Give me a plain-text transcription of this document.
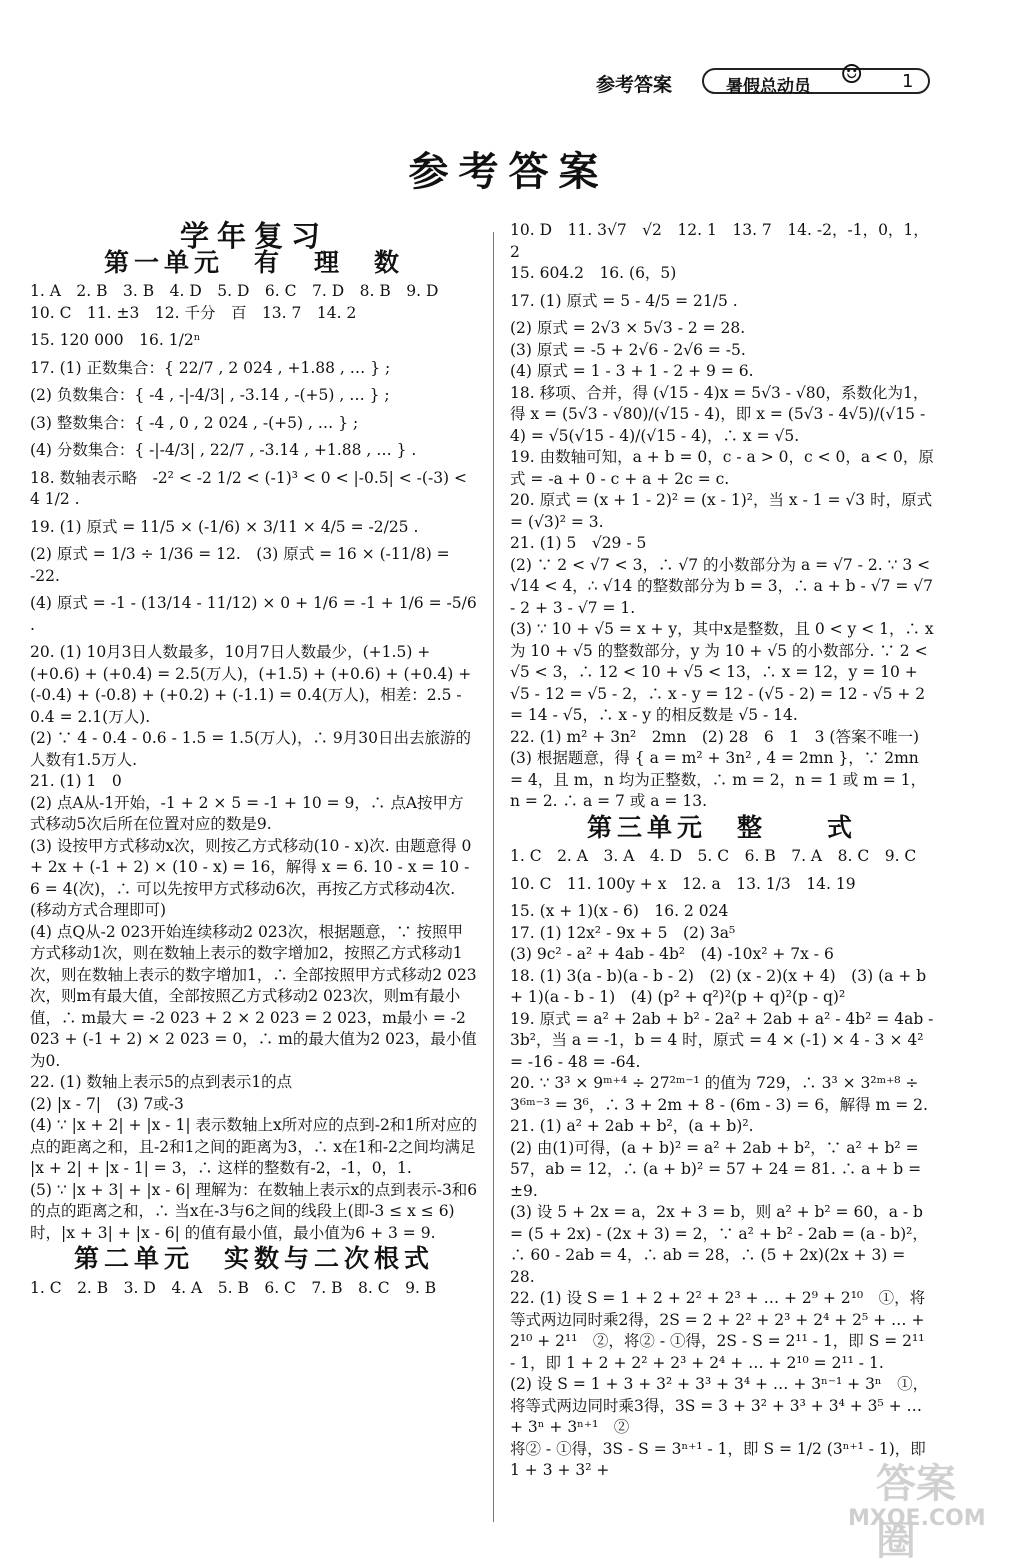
参考答案	暑假总动员 ☺ 1
参考答案
学年复习
第一单元　有　理　数

1. A　2. B　3. B　4. D　5. D　6. C　7. D　8. B　9. D

10. C　11. ±3　12. 千分　百　13. 7　14. 2

15. 120 000　16. 1/2ⁿ

17. (1) 正数集合：{ 22/7 , 2 024 , +1.88 , … } ;

(2) 负数集合：{ -4 , -|-4/3| , -3.14 , -(+5) , … } ;

(3) 整数集合：{ -4 , 0 , 2 024 , -(+5) , … } ;

(4) 分数集合：{ -|-4/3| , 22/7 , -3.14 , +1.88 , … } .

18. 数轴表示略　-2² < -2 1/2 < (-1)³ < 0 < |-0.5| < -(-3) < 4 1/2 .

19. (1) 原式 = 11/5 × (-1/6) × 3/11 × 4/5 = -2/25 .

(2) 原式 = 1/3 ÷ 1/36 = 12.　(3) 原式 = 16 × (-11/8) = -22.

(4) 原式 = -1 - (13/14 - 11/12) × 0 + 1/6 = -1 + 1/6 = -5/6 .

20. (1) 10月3日人数最多，10月7日人数最少，(+1.5) + (+0.6) + (+0.4) = 2.5(万人)，(+1.5) + (+0.6) + (+0.4) + (-0.4) + (-0.8) + (+0.2) + (-1.1) = 0.4(万人)，相差：2.5 - 0.4 = 2.1(万人).

(2) ∵ 4 - 0.4 - 0.6 - 1.5 = 1.5(万人)，∴ 9月30日出去旅游的人数有1.5万人.

21. (1) 1　0

(2) 点A从-1开始，-1 + 2 × 5 = -1 + 10 = 9，∴ 点A按甲方式移动5次后所在位置对应的数是9.

(3) 设按甲方式移动x次，则按乙方式移动(10 - x)次. 由题意得 0 + 2x + (-1 + 2) × (10 - x) = 16，解得 x = 6. 10 - x = 10 - 6 = 4(次)，∴ 可以先按甲方式移动6次，再按乙方式移动4次. (移动方式合理即可)

(4) 点Q从-2 023开始连续移动2 023次，根据题意，∵ 按照甲方式移动1次，则在数轴上表示的数字增加2，按照乙方式移动1次，则在数轴上表示的数字增加1，∴ 全部按照甲方式移动2 023次，则m有最大值，全部按照乙方式移动2 023次，则m有最小值，∴ m最大 = -2 023 + 2 × 2 023 = 2 023，m最小 = -2 023 + (-1 + 2) × 2 023 = 0，∴ m的最大值为2 023，最小值为0.

22. (1) 数轴上表示5的点到表示1的点

(2) |x - 7|　(3) 7或-3

(4) ∵ |x + 2| + |x - 1| 表示数轴上x所对应的点到-2和1所对应的点的距离之和，且-2和1之间的距离为3，∴ x在1和-2之间均满足 |x + 2| + |x - 1| = 3，∴ 这样的整数有-2，-1，0，1.

(5) ∵ |x + 3| + |x - 6| 理解为：在数轴上表示x的点到表示-3和6的点的距离之和，∴ 当x在-3与6之间的线段上(即-3 ≤ x ≤ 6)时，|x + 3| + |x - 6| 的值有最小值，最小值为6 + 3 = 9.

第二单元　实数与二次根式

1. C　2. B　3. D　4. A　5. B　6. C　7. B　8. C　9. B

10. D　11. 3√7　√2　12. 1　13. 7　14. -2，-1，0，1，2

15. 604.2　16. (6，5)

17. (1) 原式 = 5 - 4/5 = 21/5 .

(2) 原式 = 2√3 × 5√3 - 2 = 28.

(3) 原式 = -5 + 2√6 - 2√6 = -5.

(4) 原式 = 1 - 3 + 1 - 2 + 9 = 6.

18. 移项、合并，得 (√15 - 4)x = 5√3 - √80，系数化为1，得 x = (5√3 - √80)/(√15 - 4)，即 x = (5√3 - 4√5)/(√15 - 4) = √5(√15 - 4)/(√15 - 4)，∴ x = √5.

19. 由数轴可知，a + b = 0，c - a > 0，c < 0，a < 0，原式 = -a + 0 - c + a + 2c = c.

20. 原式 = (x + 1 - 2)² = (x - 1)²，当 x - 1 = √3 时，原式 = (√3)² = 3.

21. (1) 5　√29 - 5

(2) ∵ 2 < √7 < 3，∴ √7 的小数部分为 a = √7 - 2. ∵ 3 < √14 < 4，∴ √14 的整数部分为 b = 3，∴ a + b - √7 = √7 - 2 + 3 - √7 = 1.

(3) ∵ 10 + √5 = x + y，其中x是整数，且 0 < y < 1，∴ x 为 10 + √5 的整数部分，y 为 10 + √5 的小数部分. ∵ 2 < √5 < 3，∴ 12 < 10 + √5 < 13，∴ x = 12，y = 10 + √5 - 12 = √5 - 2，∴ x - y = 12 - (√5 - 2) = 12 - √5 + 2 = 14 - √5，∴ x - y 的相反数是 √5 - 14.

22. (1) m² + 3n²　2mn　(2) 28　6　1　3 (答案不唯一)

(3) 根据题意，得 { a = m² + 3n² , 4 = 2mn }，∵ 2mn = 4，且 m，n 均为正整数，∴ m = 2，n = 1 或 m = 1，n = 2. ∴ a = 7 或 a = 13.

第三单元　整　　式

1. C　2. A　3. A　4. D　5. C　6. B　7. A　8. C　9. C

10. C　11. 100y + x　12. a　13. 1/3　14. 19

15. (x + 1)(x - 6)　16. 2 024

17. (1) 12x² - 9x + 5　(2) 3a⁵

(3) 9c² - a² + 4ab - 4b²　(4) -10x² + 7x - 6

18. (1) 3(a - b)(a - b - 2)　(2) (x - 2)(x + 4)　(3) (a + b + 1)(a - b - 1)　(4) (p² + q²)²(p + q)²(p - q)²

19. 原式 = a² + 2ab + b² - 2a² + 2ab + a² - 4b² = 4ab - 3b²，当 a = -1，b = 4 时，原式 = 4 × (-1) × 4 - 3 × 4² = -16 - 48 = -64.

20. ∵ 3³ × 9ᵐ⁺⁴ ÷ 27²ᵐ⁻¹ 的值为 729，∴ 3³ × 3²ᵐ⁺⁸ ÷ 3⁶ᵐ⁻³ = 3⁶，∴ 3 + 2m + 8 - (6m - 3) = 6，解得 m = 2.

21. (1) a² + 2ab + b²，(a + b)².

(2) 由(1)可得，(a + b)² = a² + 2ab + b²，∵ a² + b² = 57，ab = 12，∴ (a + b)² = 57 + 24 = 81. ∴ a + b = ±9.

(3) 设 5 + 2x = a，2x + 3 = b，则 a² + b² = 60，a - b = (5 + 2x) - (2x + 3) = 2，∵ a² + b² - 2ab = (a - b)²，∴ 60 - 2ab = 4，∴ ab = 28，∴ (5 + 2x)(2x + 3) = 28.

22. (1) 设 S = 1 + 2 + 2² + 2³ + … + 2⁹ + 2¹⁰　①，将等式两边同时乘2得，2S = 2 + 2² + 2³ + 2⁴ + 2⁵ + … + 2¹⁰ + 2¹¹　②，将② - ①得，2S - S = 2¹¹ - 1，即 S = 2¹¹ - 1，即 1 + 2 + 2² + 2³ + 2⁴ + … + 2¹⁰ = 2¹¹ - 1.

(2) 设 S = 1 + 3 + 3² + 3³ + 3⁴ + … + 3ⁿ⁻¹ + 3ⁿ　①，将等式两边同时乘3得，3S = 3 + 3² + 3³ + 3⁴ + 3⁵ + … + 3ⁿ + 3ⁿ⁺¹　②

将② - ①得，3S - S = 3ⁿ⁺¹ - 1，即 S = 1/2 (3ⁿ⁺¹ - 1)，即 1 + 3 + 3² +	答案圈
MXQE.COM
